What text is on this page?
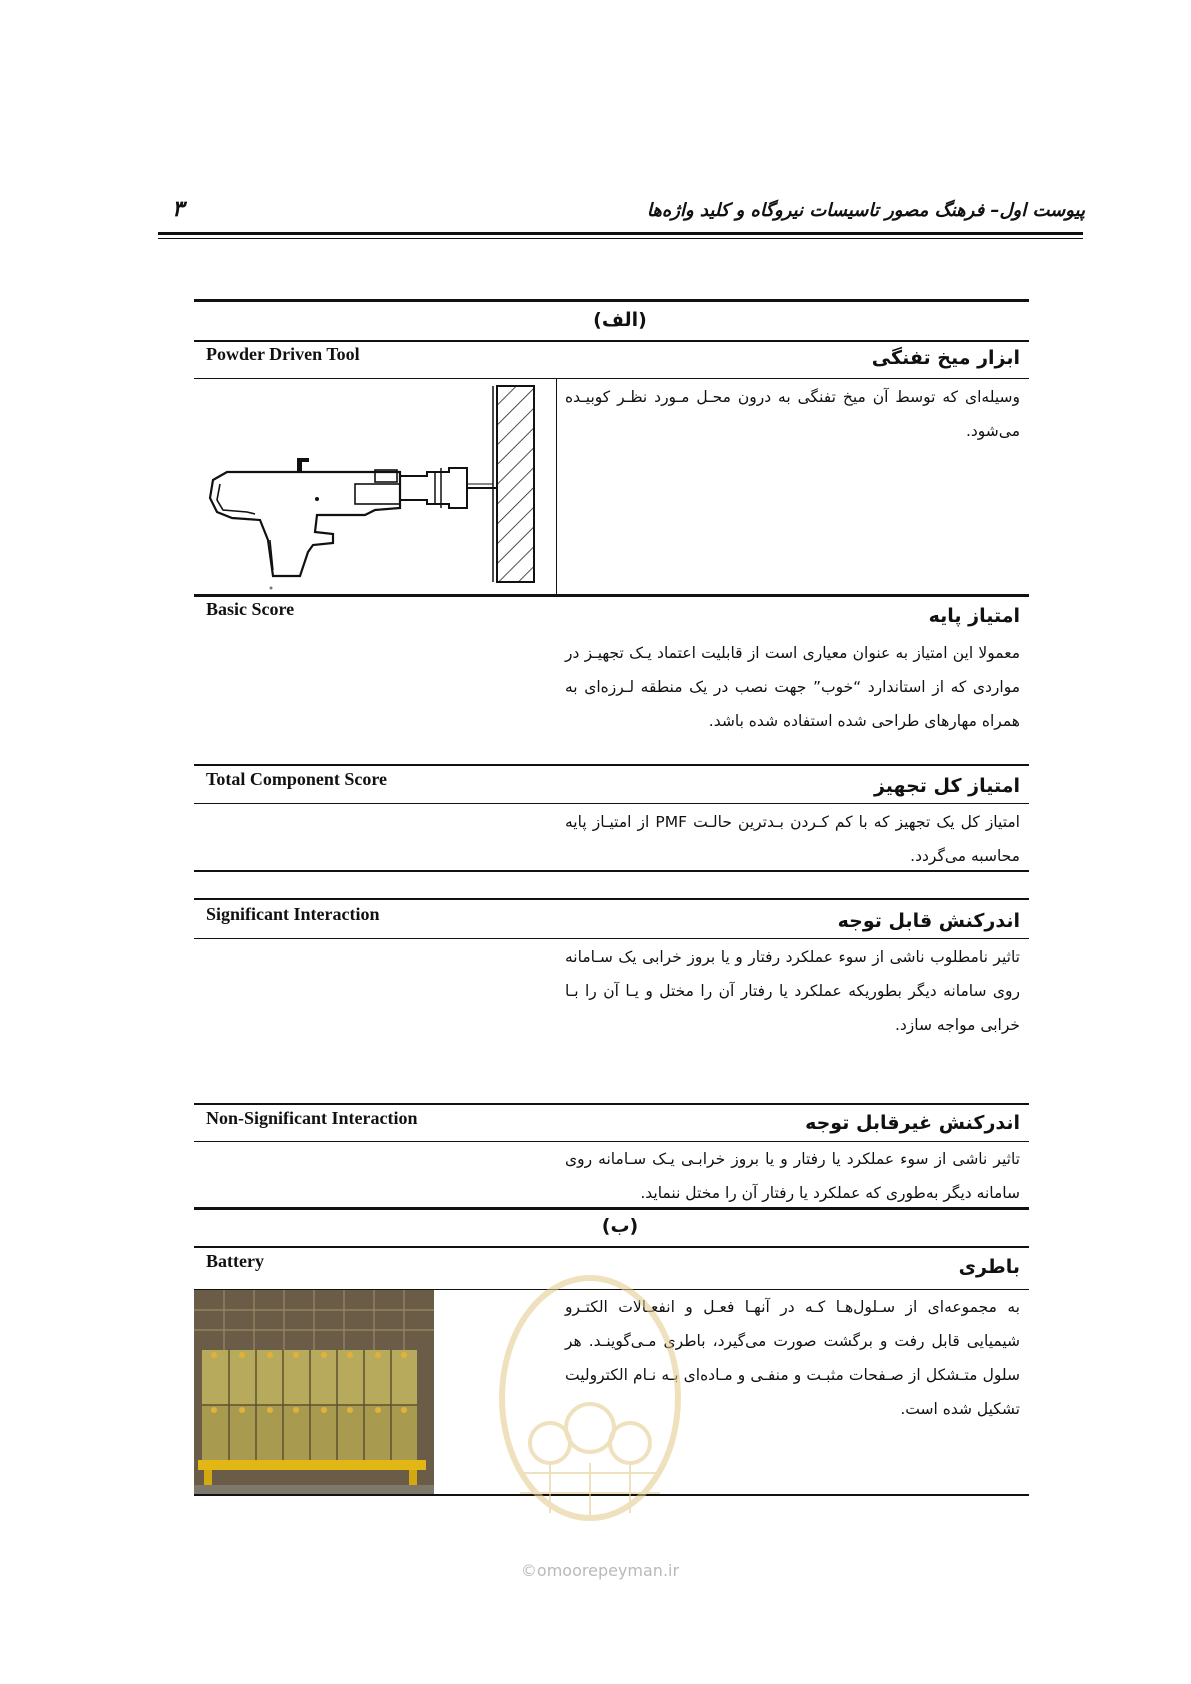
پیوست اول– فرهنگ مصور تاسیسات نیروگاه و کلید واژه‌ها
۳
(الف)
Powder Driven Tool	ابزار میخ تفنگی
وسیله‌ای که توسط آن میخ تفنگی به درون محـل مـورد نظـر کوبیـده می‌شود.
Basic Score	امتیاز پایه
معمولا این امتیاز به عنوان معیاری است از قابلیت اعتماد یـک تجهیـز در مواردی که از استاندارد “خوب” جهت نصب در یک منطقه لـرزه‌ای به همراه مهارهای طراحی شده استفاده شده باشد.
Total Component Score	امتیاز کل تجهیز
امتیاز کل یک تجهیز که با کم کـردن بـدترین حالـت PMF از امتیـاز پایه محاسبه می‌گردد.
Significant Interaction	اندرکنش قابل توجه
تاثیر نامطلوب ناشی از سوء عملکرد رفتار و یا بروز خرابی یک سـامانه روی سامانه دیگر بطوریکه عملکرد یا رفتار آن را مختل و یـا آن را بـا خرابی مواجه سازد.
Non-Significant Interaction	اندرکنش غیرقابل توجه
تاثیر ناشی از سوء عملکرد یا رفتار و یا بروز خرابـی یـک سـامانه روی سامانه دیگر به‌طوری که عملکرد یا رفتار آن را مختل ننماید.
(ب)
Battery	باطری
به مجموعه‌ای از سـلول‌هـا کـه در آنهـا فعـل و انفعـالات الکتـرو شیمیایی قابل رفت و برگشت صورت می‌گیرد، باطری مـی‌گوینـد. هر سلول متـشکل از صـفحات مثبـت و منفـی و مـاده‌ای بـه نـام الکترولیت تشکیل شده است.
©omoorepeyman.ir
